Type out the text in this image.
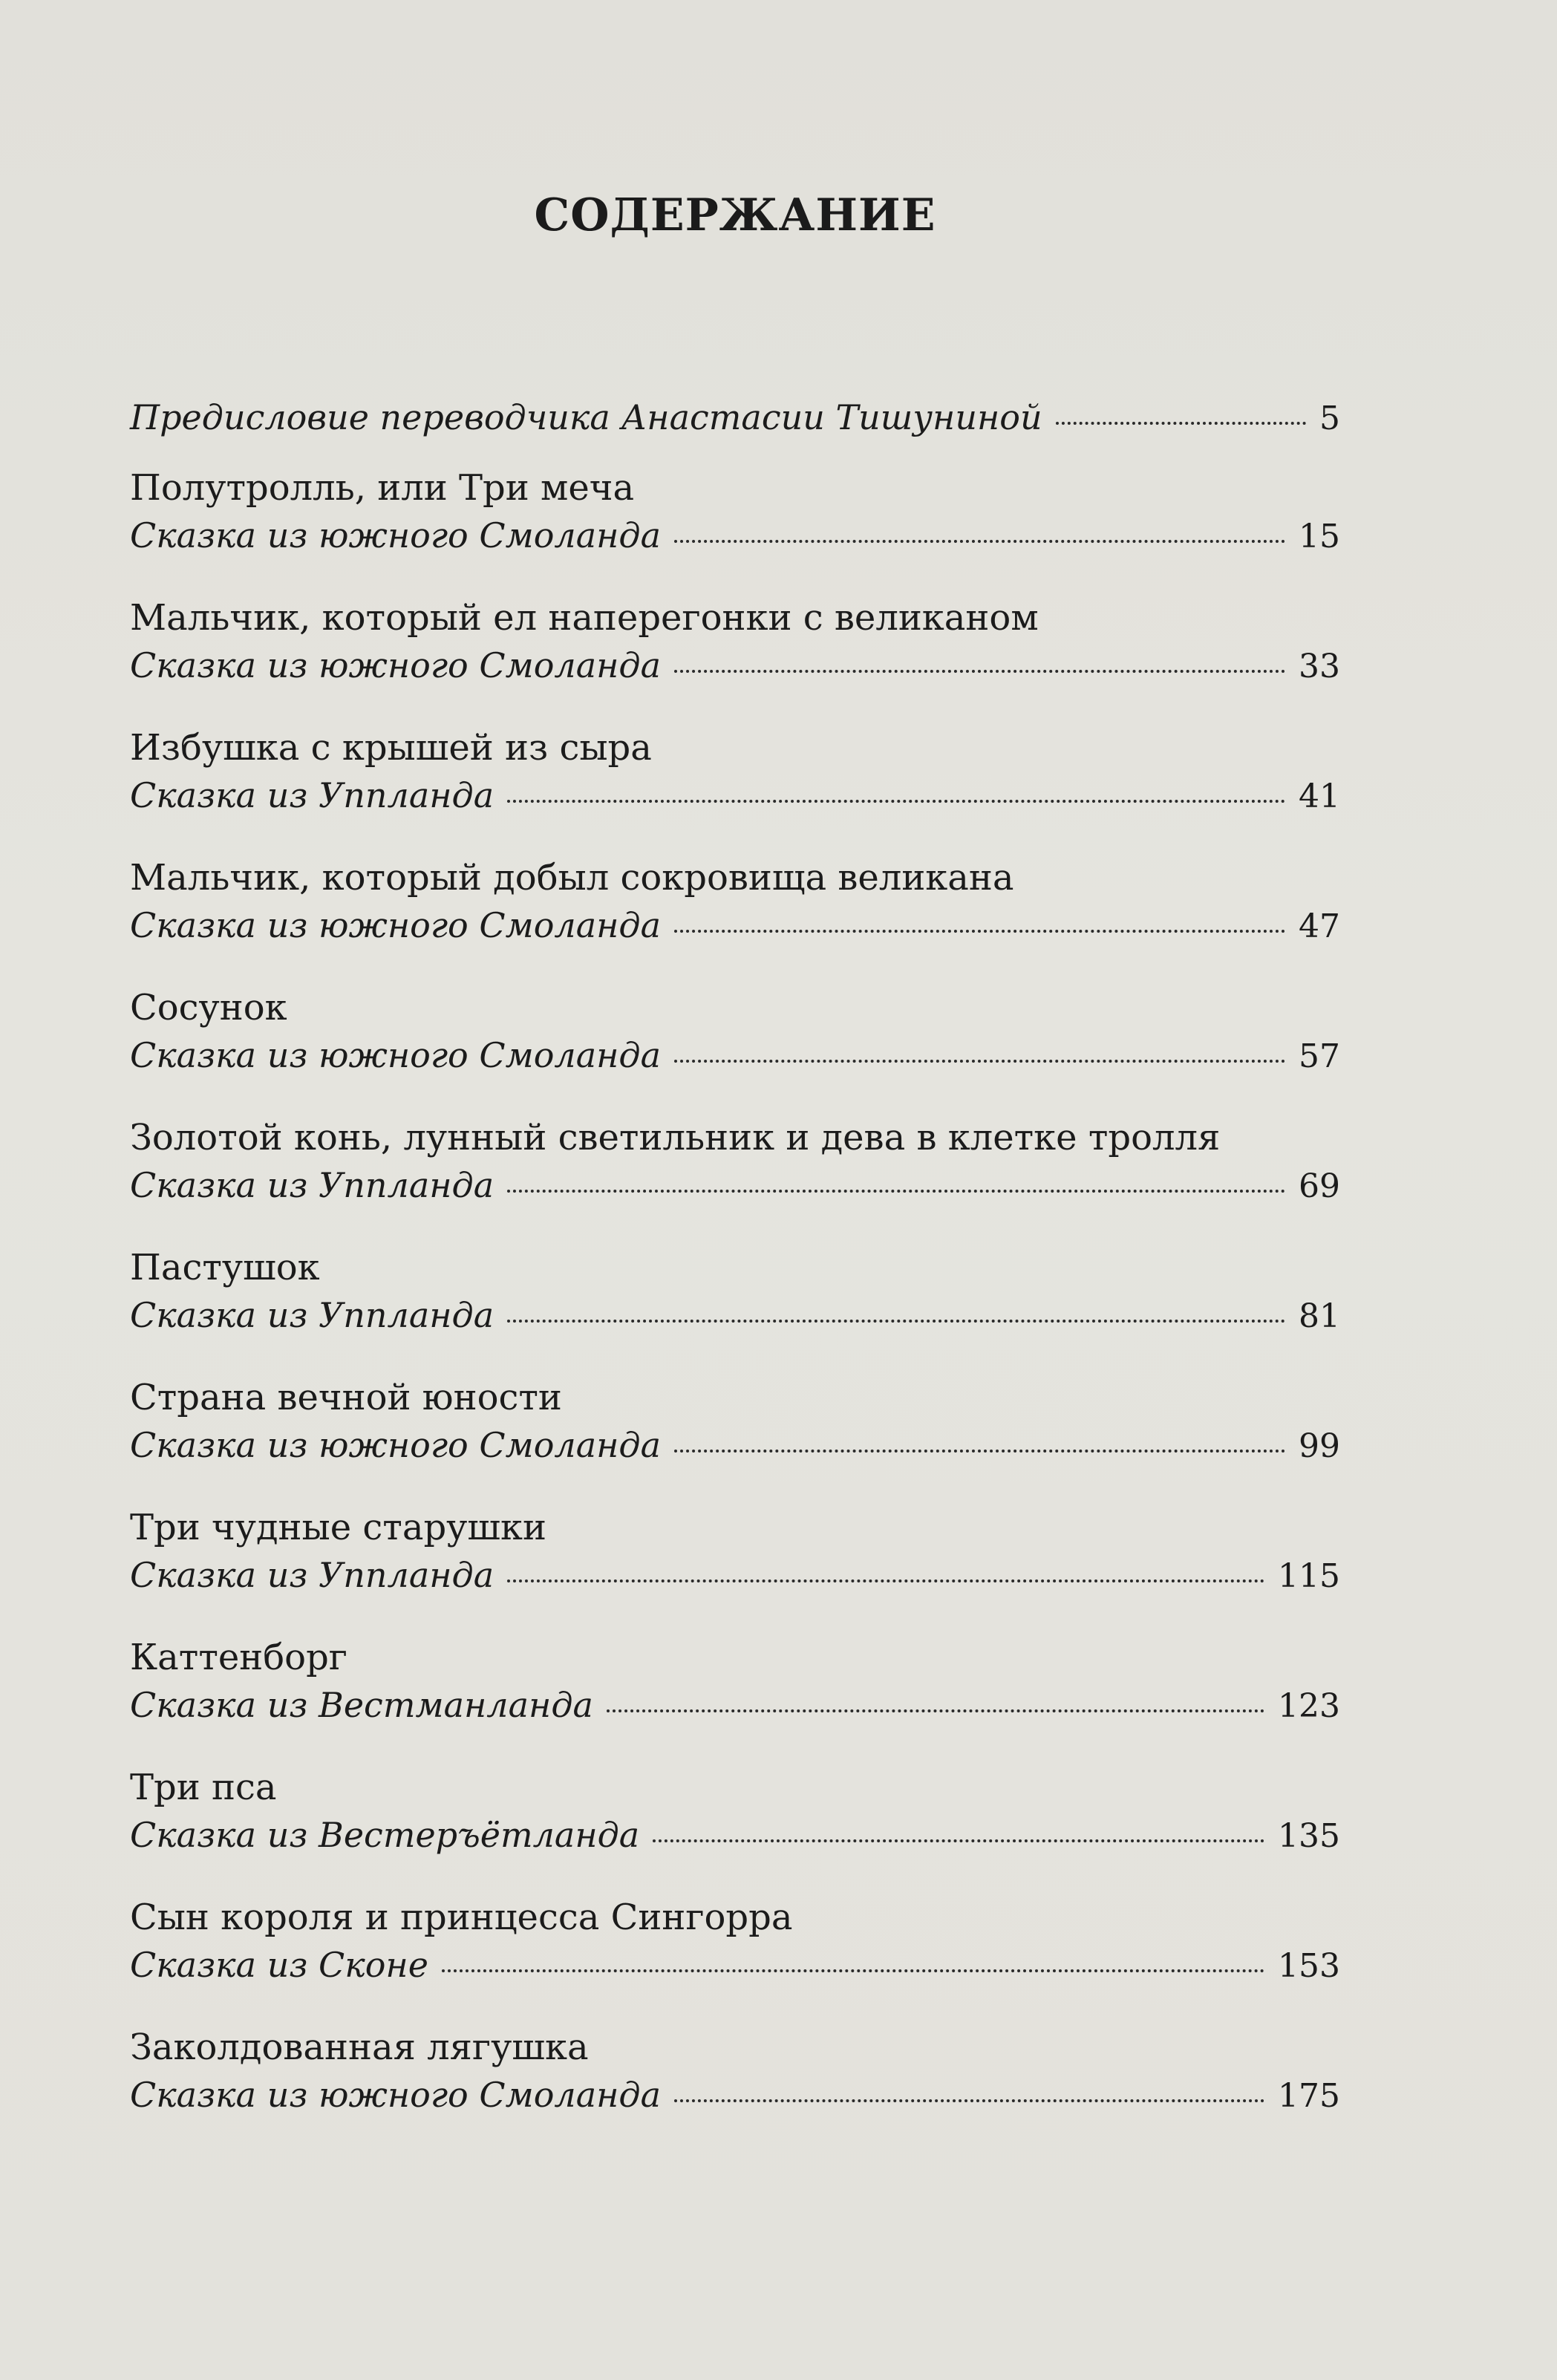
СОДЕРЖАНИЕ
Предисловие переводчика Анастасии Тишуниной	5
Полутролль, или Три меча
Сказка из южного Смоланда	15
Мальчик, который ел наперегонки с великаном
Сказка из южного Смоланда	33
Избушка с крышей из сыра
Сказка из Уппланда	41
Мальчик, который добыл сокровища великана
Сказка из южного Смоланда	47
Сосунок
Сказка из южного Смоланда	57
Золотой конь, лунный светильник и дева в клетке тролля
Сказка из Уппланда	69
Пастушок
Сказка из Уппланда	81
Страна вечной юности
Сказка из южного Смоланда	99
Три чудные старушки
Сказка из Уппланда	115
Каттенборг
Сказка из Вестманланда	123
Три пса
Сказка из Вестеръётланда	135
Сын короля и принцесса Сингорра
Сказка из Сконе	153
Заколдованная лягушка
Сказка из южного Смоланда	175
